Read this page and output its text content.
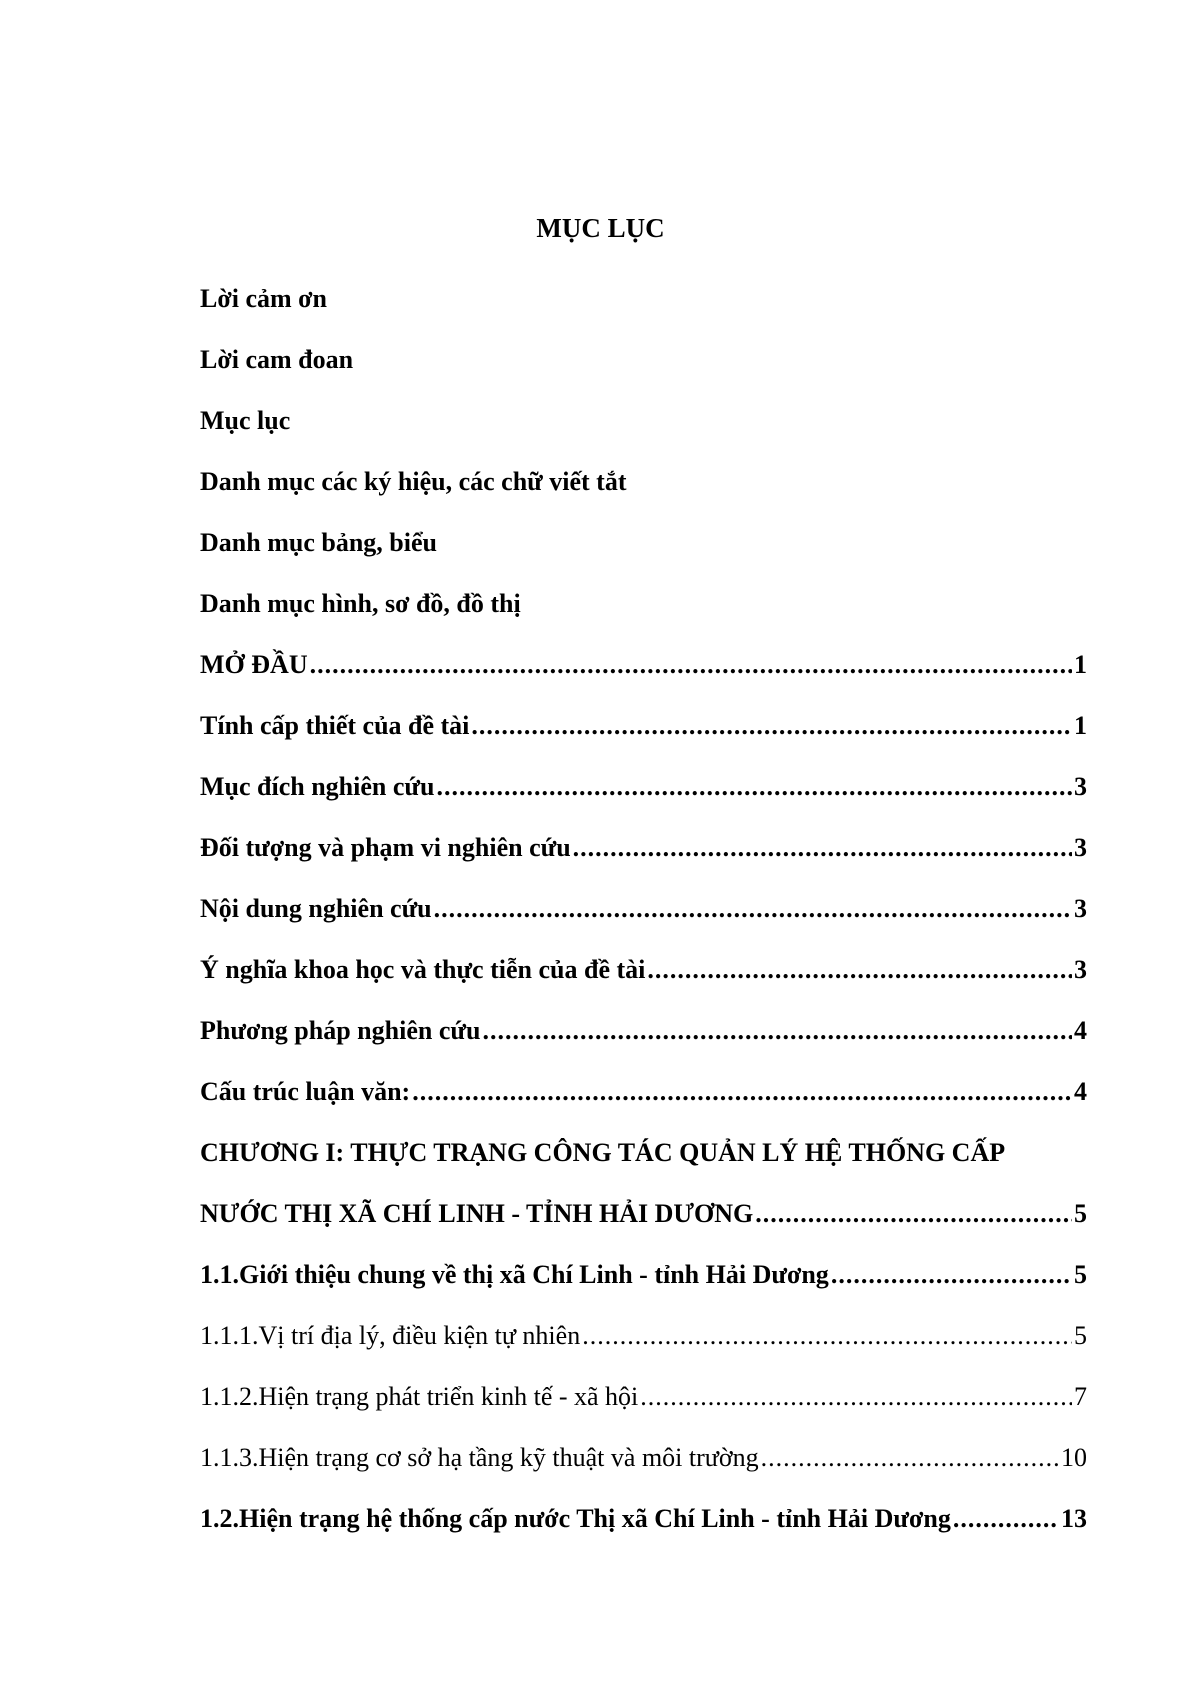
MỤC LỤC
Lời cảm ơn
Lời cam đoan
Mục lục
Danh mục các ký hiệu, các chữ viết tắt
Danh mục bảng, biểu
Danh mục hình, sơ đồ, đồ thị
MỞ ĐẦU .....	1
Tính cấp thiết của đề tài .....	1
Mục đích nghiên cứu .....	3
Đối tượng và phạm vi nghiên cứu .....	3
Nội dung nghiên cứu .....	3
Ý nghĩa khoa học và thực tiễn của đề tài .....	3
Phương pháp nghiên cứu .....	4
Cấu trúc luận văn: .....	4
CHƯƠNG I: THỰC TRẠNG CÔNG TÁC QUẢN LÝ HỆ THỐNG CẤP
NƯỚC THỊ XÃ CHÍ LINH - TỈNH HẢI DƯƠNG .....	5
1.1. Giới thiệu chung về thị xã Chí Linh - tỉnh Hải Dương .....	5
1.1.1. Vị trí địa lý, điều kiện tự nhiên .....	5
1.1.2. Hiện trạng phát triển kinh tế - xã hội .....	7
1.1.3. Hiện trạng cơ sở hạ tầng kỹ thuật và môi trường .....	10
1.2. Hiện trạng hệ thống cấp nước Thị xã Chí Linh - tỉnh Hải Dương .....	13
